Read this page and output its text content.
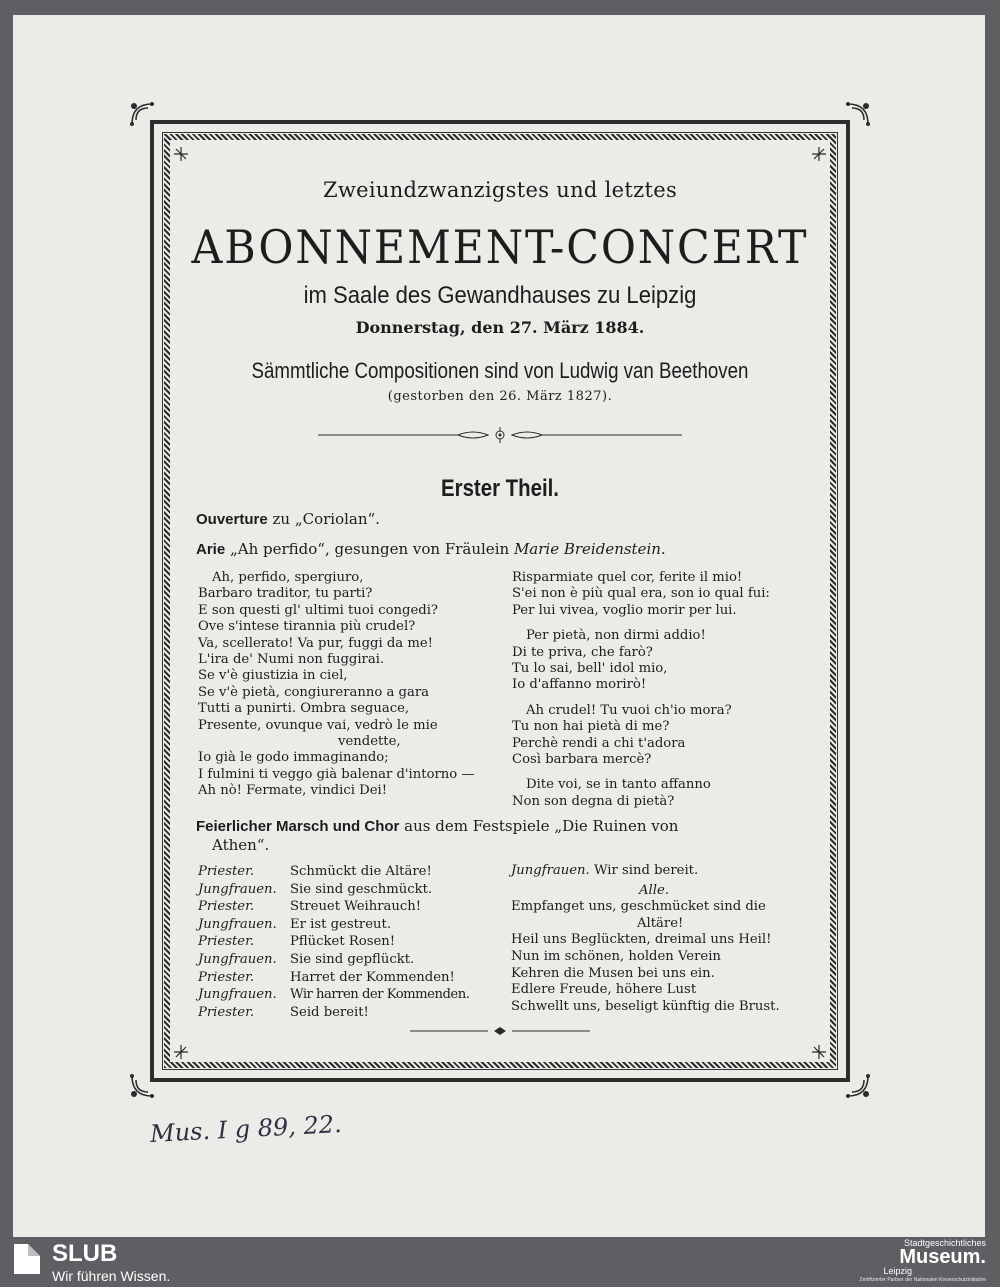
Zweiundzwanzigstes und letztes
ABONNEMENT-CONCERT
im Saale des Gewandhauses zu Leipzig
Donnerstag, den 27. März 1884.
Sämmtliche Compositionen sind von Ludwig van Beethoven
(gestorben den 26. März 1827).
Erster Theil.
Ouverture zu „Coriolan“.
Arie „Ah perfido“, gesungen von Fräulein Marie Breidenstein.
Ah, perfido, spergiuro,
Barbaro traditor, tu parti?
E son questi gl' ultimi tuoi congedi?
Ove s'intese tirannia più crudel?
Va, scellerato! Va pur, fuggi da me!
L'ira de' Numi non fuggirai.
Se v'è giustizia in ciel,
Se v'è pietà, congiureranno a gara
Tutti a punirti. Ombra seguace,
Presente, ovunque vai, vedrò le mie
vendette,
Io già le godo immaginando;
I fulmini ti veggo già balenar d'intorno —
Ah nò! Fermate, vindici Dei!
Risparmiate quel cor, ferite il mio!
S'ei non è più qual era, son io qual fui:
Per lui vivea, voglio morir per lui.
Per pietà, non dirmi addio!
Di te priva, che farò?
Tu lo sai, bell' idol mio,
Io d'affanno morirò!
Ah crudel! Tu vuoi ch'io mora?
Tu non hai pietà di me?
Perchè rendi a chi t'adora
Così barbara mercè?
Dite voi, se in tanto affanno
Non son degna di pietà?
Feierlicher Marsch und Chor aus dem Festspiele „Die Ruinen von
Athen“.
Priester.	Schmückt die Altäre!
Jungfrauen.	Sie sind geschmückt.
Priester.	Streuet Weihrauch!
Jungfrauen.	Er ist gestreut.
Priester.	Pflücket Rosen!
Jungfrauen.	Sie sind gepflückt.
Priester.	Harret der Kommenden!
Jungfrauen.	Wir harren der Kommenden.
Priester.	Seid bereit!
Jungfrauen. Wir sind bereit.
Alle.
Empfanget uns, geschmücket sind die
Altäre!
Heil uns Beglückten, dreimal uns Heil!
Nun im schönen, holden Verein
Kehren die Musen bei uns ein.
Edlere Freude, höhere Lust
Schwellt uns, beseligt künftig die Brust.
Mus. I g 89, 22.
SLUB
Wir führen Wissen.
Stadtgeschichtliches
Museum.
Leipzig
Zertifizierter Partner der Nationalen Kinoerschutzinitiative
